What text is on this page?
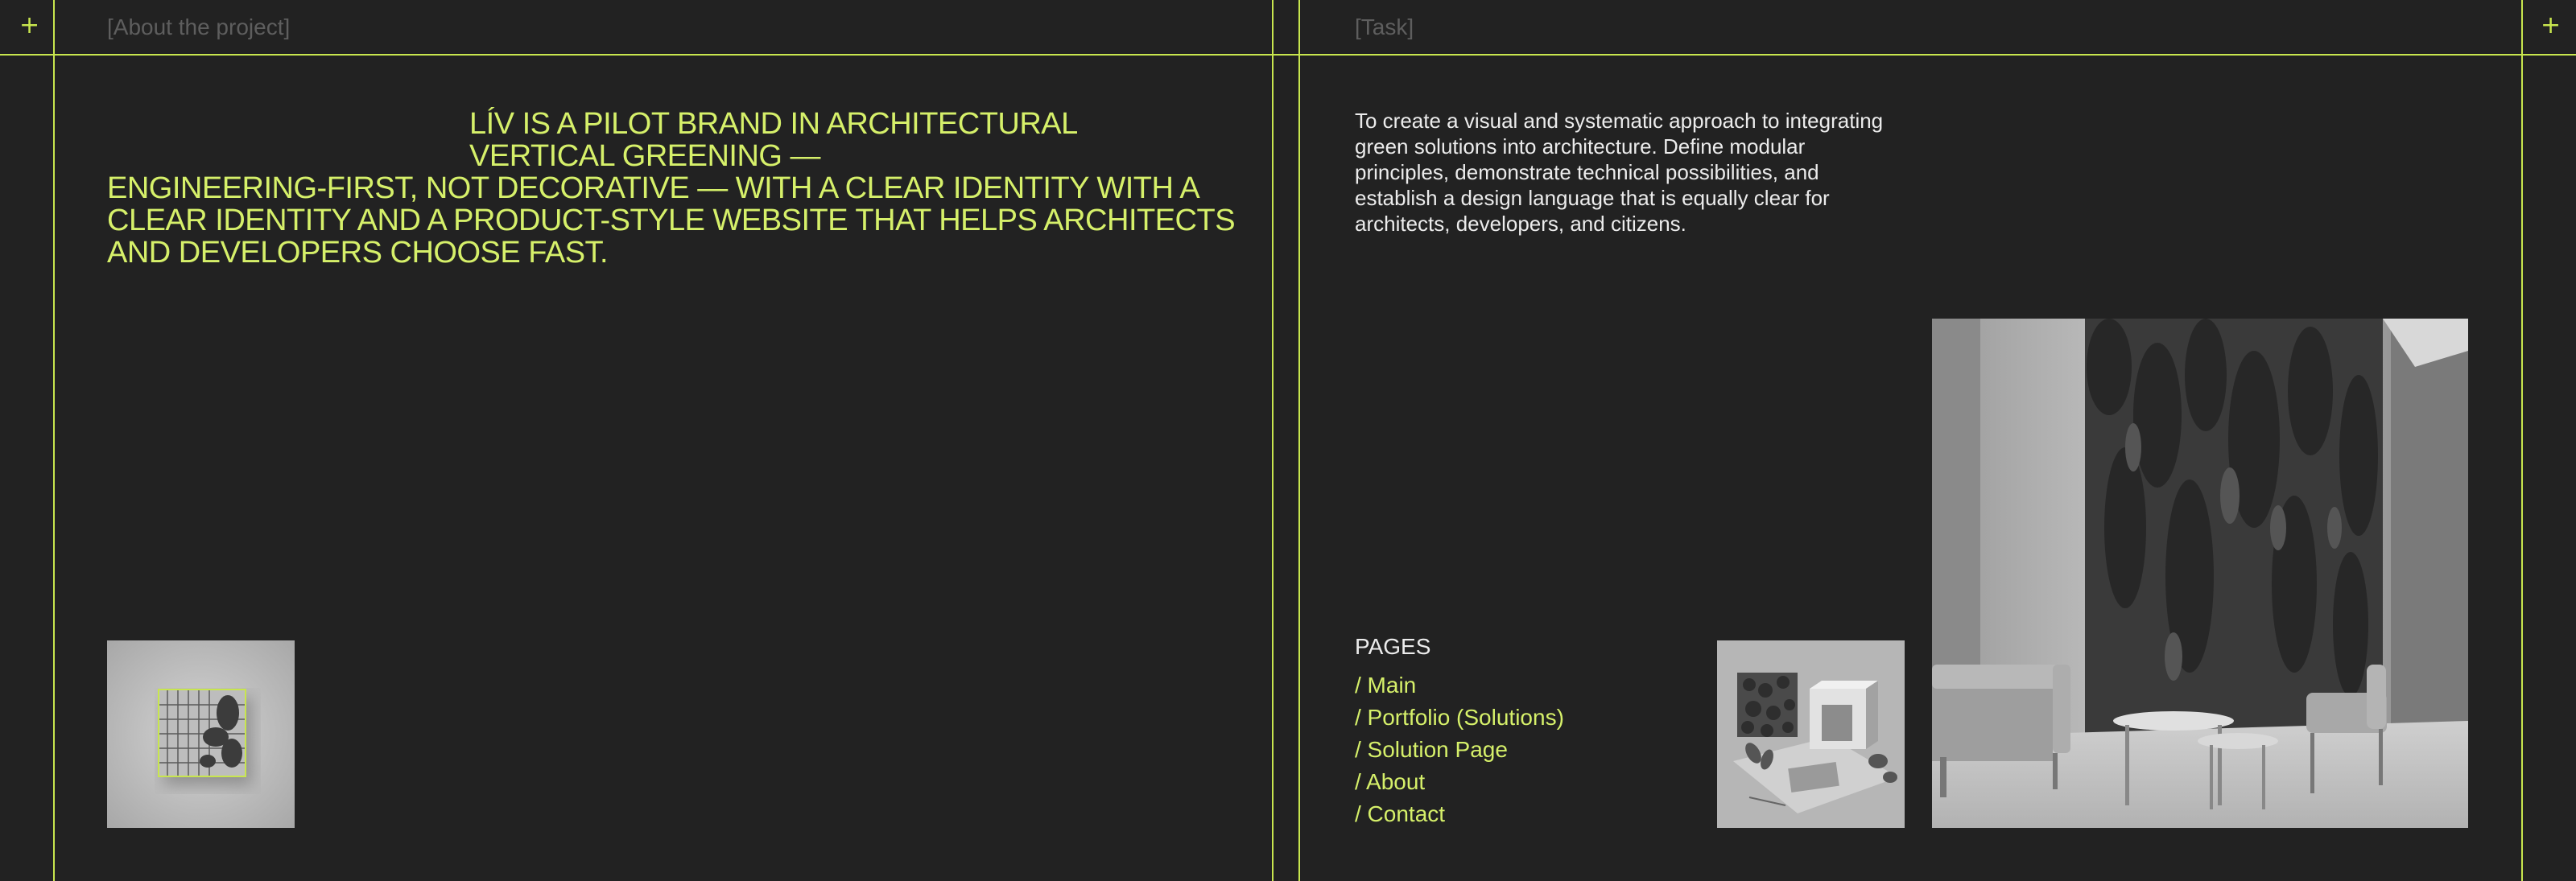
+	+
[About the project]	[Task]
LÍV IS A PILOT BRAND IN ARCHITECTURAL
VERTICAL GREENING —
ENGINEERING-FIRST, NOT DECORATIVE — WITH A CLEAR IDENTITY WITH A CLEAR IDENTITY AND A PRODUCT-STYLE WEBSITE THAT HELPS ARCHITECTS AND DEVELOPERS CHOOSE FAST.

To create a visual and systematic approach to integrating green solutions into architecture. Define modular principles, demonstrate technical possibilities, and establish a design language that is equally clear for architects, developers, and citizens.

PAGES
/ Main
/ Portfolio (Solutions)
/ Solution Page
/ About
/ Contact
